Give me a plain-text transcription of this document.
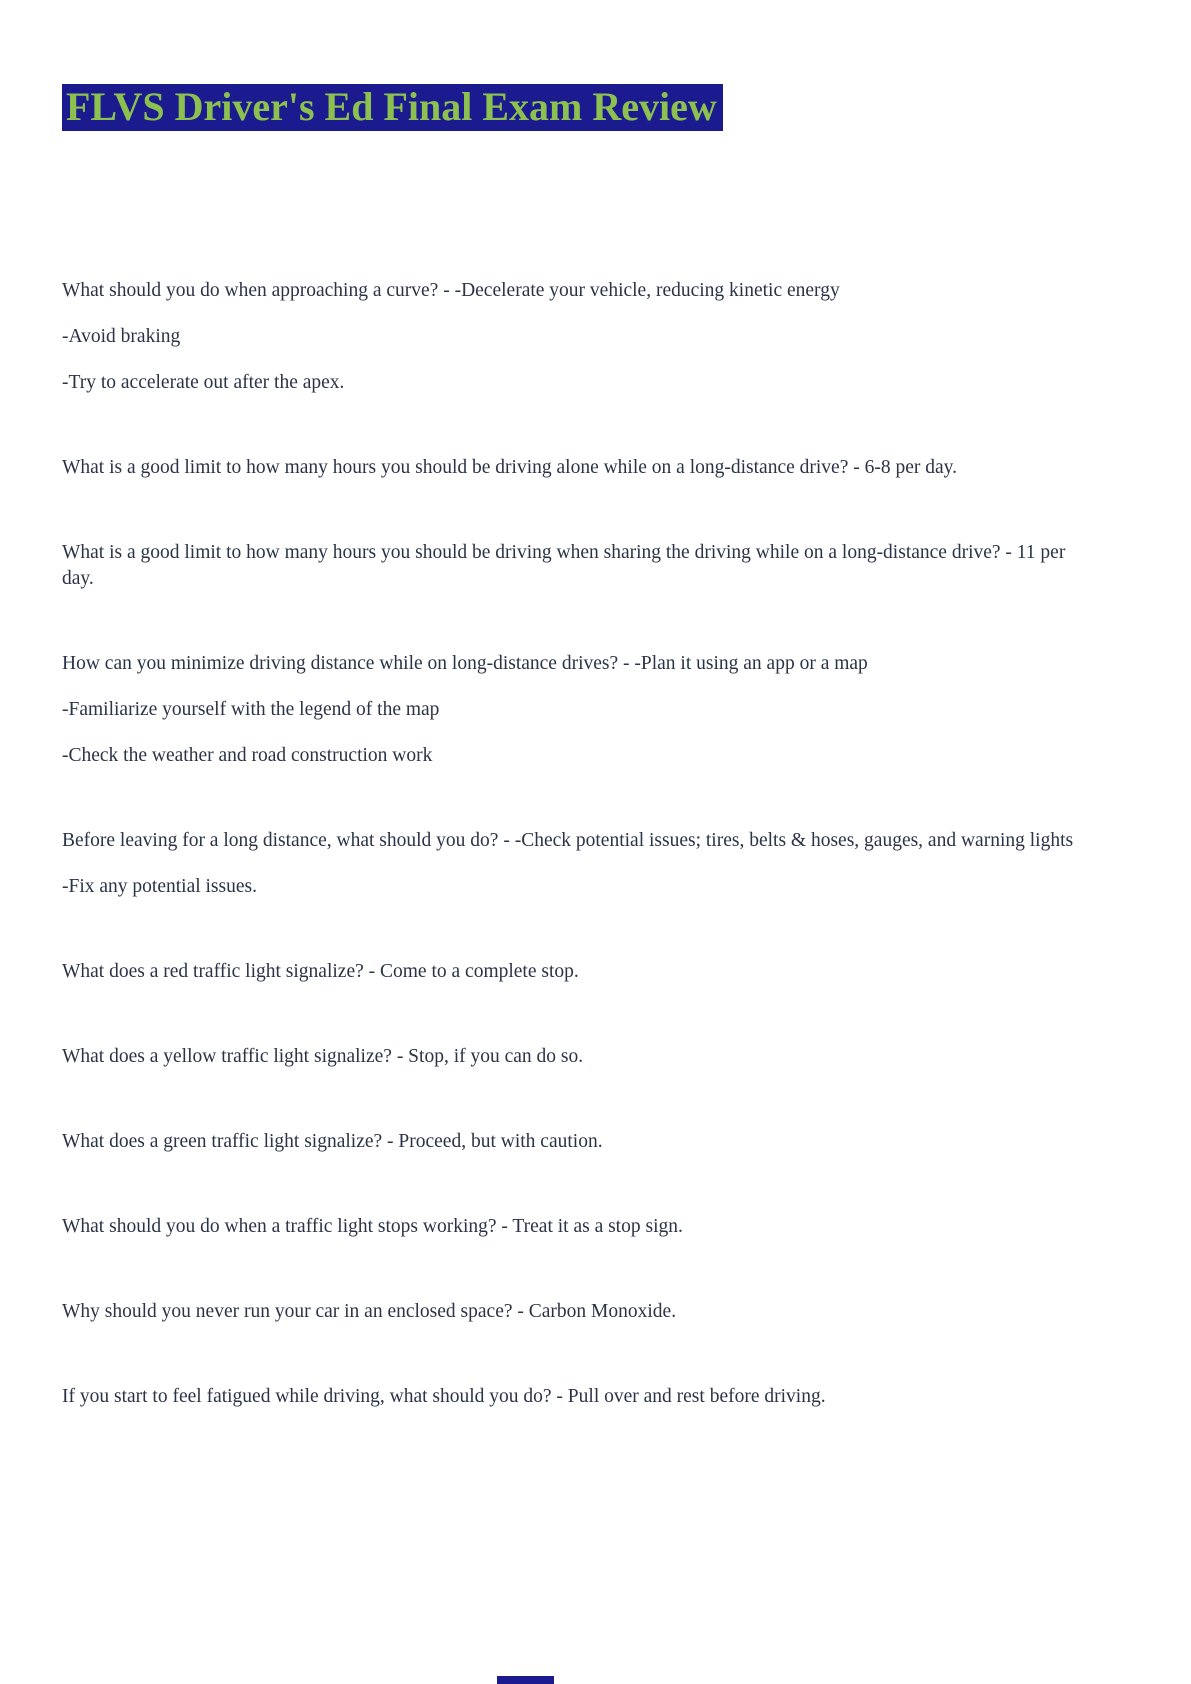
FLVS Driver's Ed Final Exam Review

What should you do when approaching a curve? - -Decelerate your vehicle, reducing kinetic energy

-Avoid braking

-Try to accelerate out after the apex.

What is a good limit to how many hours you should be driving alone while on a long-distance drive? - 6-8 per day.

What is a good limit to how many hours you should be driving when sharing the driving while on a long-distance drive? - 11 per day.

How can you minimize driving distance while on long-distance drives? - -Plan it using an app or a map

-Familiarize yourself with the legend of the map

-Check the weather and road construction work

Before leaving for a long distance, what should you do? - -Check potential issues; tires, belts & hoses, gauges, and warning lights

-Fix any potential issues.

What does a red traffic light signalize? - Come to a complete stop.

What does a yellow traffic light signalize? - Stop, if you can do so.

What does a green traffic light signalize? - Proceed, but with caution.

What should you do when a traffic light stops working? - Treat it as a stop sign.

Why should you never run your car in an enclosed space? - Carbon Monoxide.

If you start to feel fatigued while driving, what should you do? - Pull over and rest before driving.
